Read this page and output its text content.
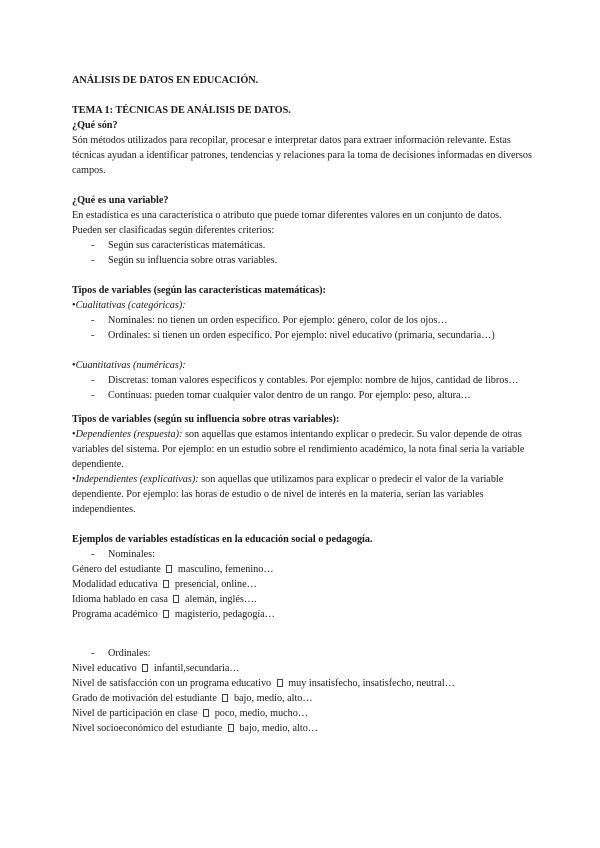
ANÁLISIS DE DATOS EN EDUCACIÓN.

TEMA 1: TÉCNICAS DE ANÁLISIS DE DATOS.

¿Qué són?

Són métodos utilizados para recopilar, procesar e interpretar datos para extraer información relevante. Estas técnicas ayudan a identificar patrones, tendencias y relaciones para la toma de decisiones informadas en diversos campos.

¿Qué es una variable?

En estadística es una característica o atributo que puede tomar diferentes valores en un conjunto de datos. Pueden ser clasificadas según diferentes criterios:

- Según sus características matemáticas.
- Según su influencia sobre otras variables.

Tipos de variables (según las características matemáticas):

•Cualitativas (categóricas):

- Nominales: no tienen un orden específico. Por ejemplo: género, color de los ojos…
- Ordinales: si tienen un orden específico. Por ejemplo: nivel educativo (primaria, secundaria…)

•Cuantitativas (numéricas):

- Discretas: toman valores específicos y contables. Por ejemplo: nombre de hijos, cantidad de libros…
- Contínuas: pueden tomar cualquier valor dentro de un rango. Por ejemplo: peso, altura…

Tipos de variables (según su influencia sobre otras variables):

•Dependientes (respuesta): son aquellas que estamos intentando explicar o predecir. Su valor depende de otras variables del sistema. Por ejemplo: en un estudio sobre el rendimiento académico, la nota final sería la variable dependiente.

•Independientes (explicativas): son aquellas que utilizamos para explicar o predecir el valor de la variable dependiente. Por ejemplo: las horas de estudio o de nivel de interés en la materia, serían las variables independientes.

Ejemplos de variables estadísticas en la educación social o pedagogía.

- Nominales:

Género del estudiante masculino, femenino…

Modalidad educativa presencial, online…

Idioma hablado en casa alemán, inglés….

Programa académico magisterio, pedagogía…

- Ordinales:

Nivel educativo infantil,secundaria…

Nivel de satisfacción con un programa educativo muy insatisfecho, insatisfecho, neutral…

Grado de motivación del estudiante bajo, medio, alto…

Nivel de participación en clase poco, medio, mucho…

Nivel socioeconómico del estudiante bajo, medio, alto…
